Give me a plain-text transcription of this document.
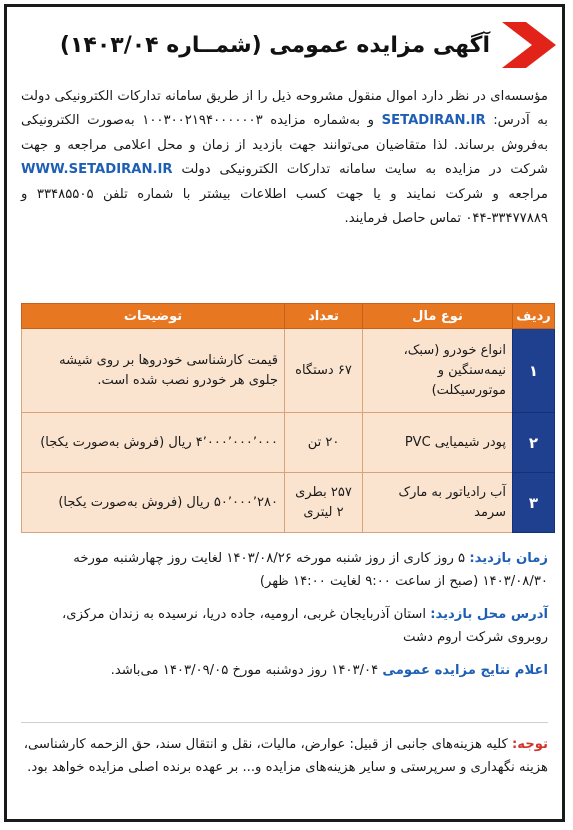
آگهی مزایده عمومی (شمــاره ۱۴۰۳/۰۴)
مؤسسه‌ای در نظر دارد اموال منقول مشروحه ذیل را از طریق سامانه تدارکات الکترونیکی دولت به آدرس: SETADIRAN.IR و به‌شماره مزایده ۱۰۰۳۰۰۲۱۹۴۰۰۰۰۰۰۳ به‌صورت الکترونیکی به‌فروش برساند. لذا متقاضیان می‌توانند جهت بازدید از زمان و محل اعلامی مراجعه و جهت شرکت در مزایده به سایت سامانه تدارکات الکترونیکی دولت WWW.SETADIRAN.IR مراجعه و شرکت نمایند و یا جهت کسب اطلاعات بیشتر با شماره تلفن ۳۳۴۸۵۵۰۵ و ۳۳۴۷۷۸۸۹-۰۴۴ تماس حاصل فرمایند.
ردیف	نوع مال	تعداد	توضیحات
۱	انواع خودرو (سبک، نیمه‌سنگین و موتورسیکلت)	۶۷ دستگاه	قیمت کارشناسی خودروها بر روی شیشه جلوی هر خودرو نصب شده است.
۲	پودر شیمیایی PVC	۲۰ تن	۴٬۰۰۰٬۰۰۰٬۰۰۰ ریال (فروش به‌صورت یکجا)
۳	آب رادیاتور به مارک سرمد	۲۵۷ بطری ۲ لیتری	۵۰٬۰۰۰٬۲۸۰ ریال (فروش به‌صورت یکجا)
زمان بازدید: ۵ روز کاری از روز شنبه مورخه ۱۴۰۳/۰۸/۲۶ لغایت روز چهارشنبه مورخه ۱۴۰۳/۰۸/۳۰ (صبح از ساعت ۹:۰۰ لغایت ۱۴:۰۰ ظهر)
آدرس محل بازدید: استان آذربایجان غربی، ارومیه، جاده دریا، نرسیده به زندان مرکزی، روبروی شرکت اروم دشت
اعلام نتایج مزایده عمومی ۱۴۰۳/۰۴ روز دوشنبه مورخ ۱۴۰۳/۰۹/۰۵ می‌باشد.
توجه: کلیه هزینه‌های جانبی از قبیل: عوارض، مالیات، نقل و انتقال سند، حق الزحمه کارشناسی، هزینه نگهداری و سرپرستی و سایر هزینه‌های مزایده و... بر عهده برنده اصلی مزایده خواهد بود.
